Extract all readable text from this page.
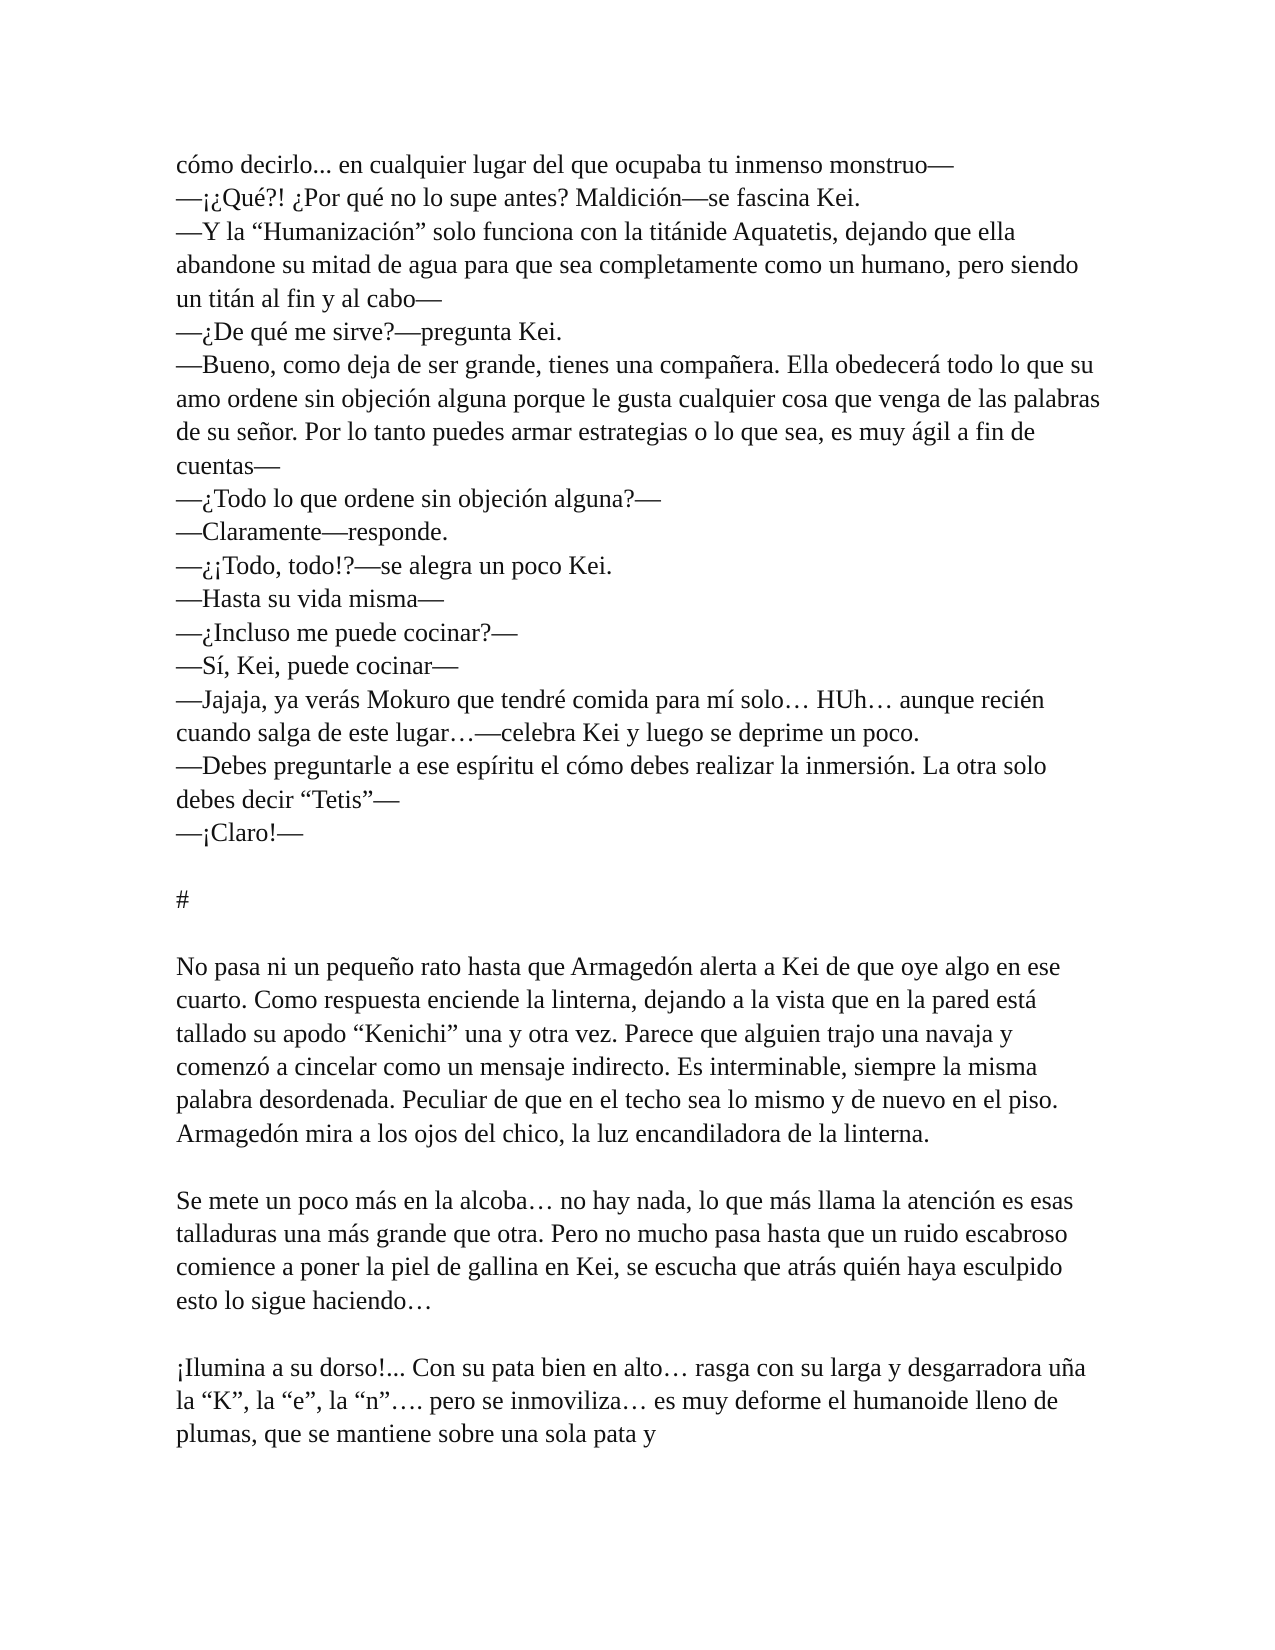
cómo decirlo... en cualquier lugar del que ocupaba tu inmenso monstruo—

—¡¿Qué?! ¿Por qué no lo supe antes? Maldición—se fascina Kei.

—Y la “Humanización” solo funciona con la titánide Aquatetis, dejando que ella abandone su mitad de agua para que sea completamente como un humano, pero siendo un titán al fin y al cabo—

—¿De qué me sirve?—pregunta Kei.

—Bueno, como deja de ser grande, tienes una compañera. Ella obedecerá todo lo que su amo ordene sin objeción alguna porque le gusta cualquier cosa que venga de las palabras de su señor. Por lo tanto puedes armar estrategias o lo que sea, es muy ágil a fin de cuentas—

—¿Todo lo que ordene sin objeción alguna?—

—Claramente—responde.

—¿¡Todo, todo!?—se alegra un poco Kei.

—Hasta su vida misma—

—¿Incluso me puede cocinar?—

—Sí, Kei, puede cocinar—

—Jajaja, ya verás Mokuro que tendré comida para mí solo… HUh… aunque recién cuando salga de este lugar…—celebra Kei y luego se deprime un poco.

—Debes preguntarle a ese espíritu el cómo debes realizar la inmersión. La otra solo debes decir “Tetis”—

—¡Claro!—

#

No pasa ni un pequeño rato hasta que Armagedón alerta a Kei de que oye algo en ese cuarto. Como respuesta enciende la linterna, dejando a la vista que en la pared está tallado su apodo “Kenichi” una y otra vez. Parece que alguien trajo una navaja y comenzó a cincelar como un mensaje indirecto. Es interminable, siempre la misma palabra desordenada. Peculiar de que en el techo sea lo mismo y de nuevo en el piso. Armagedón mira a los ojos del chico, la luz encandiladora de la linterna.

Se mete un poco más en la alcoba… no hay nada, lo que más llama la atención es esas talladuras una más grande que otra. Pero no mucho pasa hasta que un ruido escabroso comience a poner la piel de gallina en Kei, se escucha que atrás quién haya esculpido esto lo sigue haciendo…

¡Ilumina a su dorso!... Con su pata bien en alto… rasga con su larga y desgarradora uña la “K”, la “e”, la “n”…. pero se inmoviliza… es muy deforme el humanoide lleno de plumas, que se mantiene sobre una sola pata y
